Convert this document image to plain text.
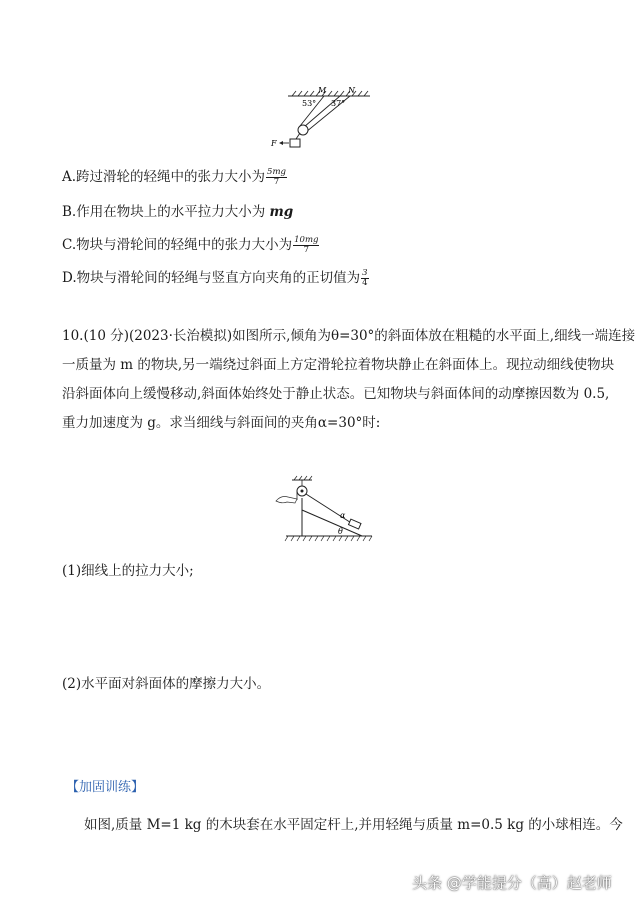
M	N
53° 37°
F
A.跨过滑轮的轻绳中的张力大小为 $\frac{5mg}{7}$
B.作用在物块上的水平拉力大小为 mg
C.物块与滑轮间的轻绳中的张力大小为 $\frac{10mg}{7}$
D.物块与滑轮间的轻绳与竖直方向夹角的正切值为 $\frac{3}{4}$
10.(10 分)(2023·长治模拟)如图所示,倾角为θ=30°的斜面体放在粗糙的水平面上,细线一端连接
一质量为 m 的物块,另一端绕过斜面上方定滑轮拉着物块静止在斜面体上。现拉动细线使物块
沿斜面体向上缓慢移动,斜面体始终处于静止状态。已知物块与斜面体间的动摩擦因数为 0.5,
重力加速度为 g。求当细线与斜面间的夹角α=30°时:
α
θ
(1)细线上的拉力大小;
(2)水平面对斜面体的摩擦力大小。
【加固训练】
如图,质量 M=1 kg 的木块套在水平固定杆上,并用轻绳与质量 m=0.5 kg 的小球相连。今
头条 @学能提分（高）赵老师
